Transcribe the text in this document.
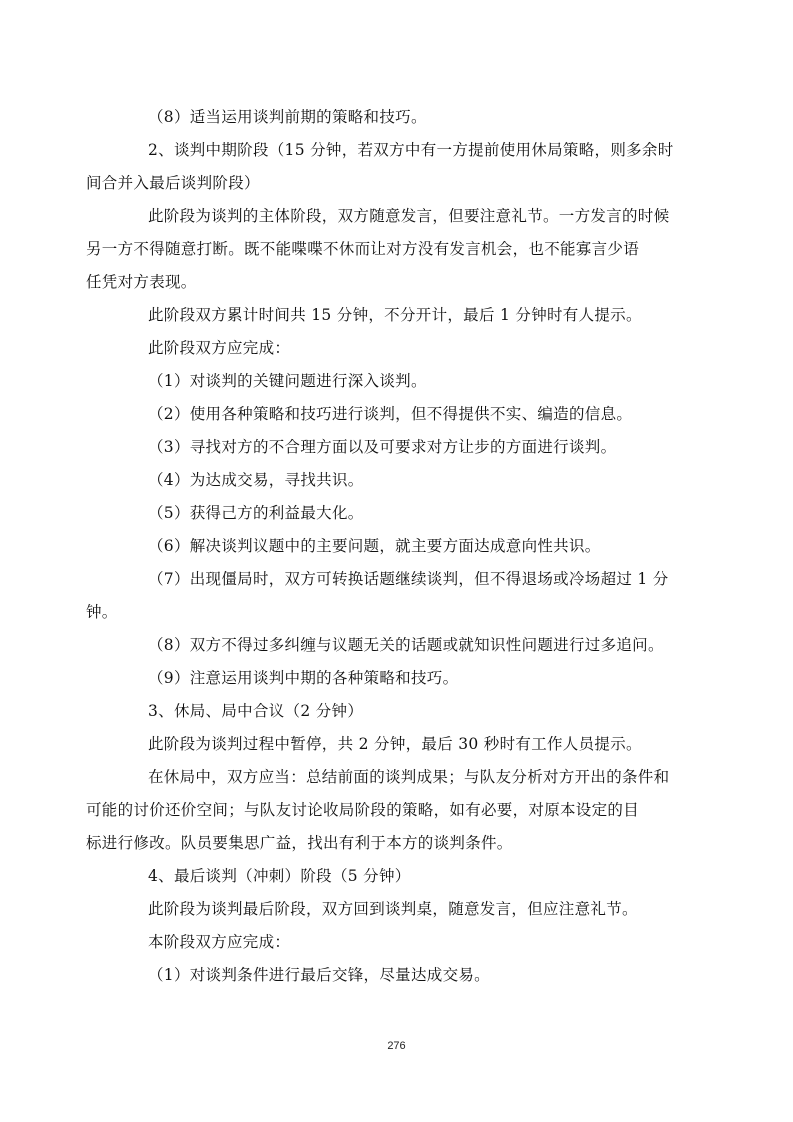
（8）适当运用谈判前期的策略和技巧。

2、谈判中期阶段（15 分钟，若双方中有一方提前使用休局策略，则多余时
间合并入最后谈判阶段）

此阶段为谈判的主体阶段，双方随意发言，但要注意礼节。一方发言的时候
另一方不得随意打断。既不能喋喋不休而让对方没有发言机会，也不能寡言少语
任凭对方表现。

此阶段双方累计时间共 15 分钟，不分开计，最后 1 分钟时有人提示。

此阶段双方应完成：

（1）对谈判的关键问题进行深入谈判。

（2）使用各种策略和技巧进行谈判，但不得提供不实、编造的信息。

（3）寻找对方的不合理方面以及可要求对方让步的方面进行谈判。

（4）为达成交易，寻找共识。

（5）获得己方的利益最大化。

（6）解决谈判议题中的主要问题，就主要方面达成意向性共识。

（7）出现僵局时，双方可转换话题继续谈判，但不得退场或冷场超过 1 分
钟。

（8）双方不得过多纠缠与议题无关的话题或就知识性问题进行过多追问。

（9）注意运用谈判中期的各种策略和技巧。

3、休局、局中合议（2 分钟）

此阶段为谈判过程中暂停，共 2 分钟，最后 30 秒时有工作人员提示。

在休局中，双方应当：总结前面的谈判成果；与队友分析对方开出的条件和
可能的讨价还价空间；与队友讨论收局阶段的策略，如有必要，对原本设定的目
标进行修改。队员要集思广益，找出有利于本方的谈判条件。

4、最后谈判（冲刺）阶段（5 分钟）

此阶段为谈判最后阶段，双方回到谈判桌，随意发言，但应注意礼节。

本阶段双方应完成：

（1）对谈判条件进行最后交锋，尽量达成交易。

276
